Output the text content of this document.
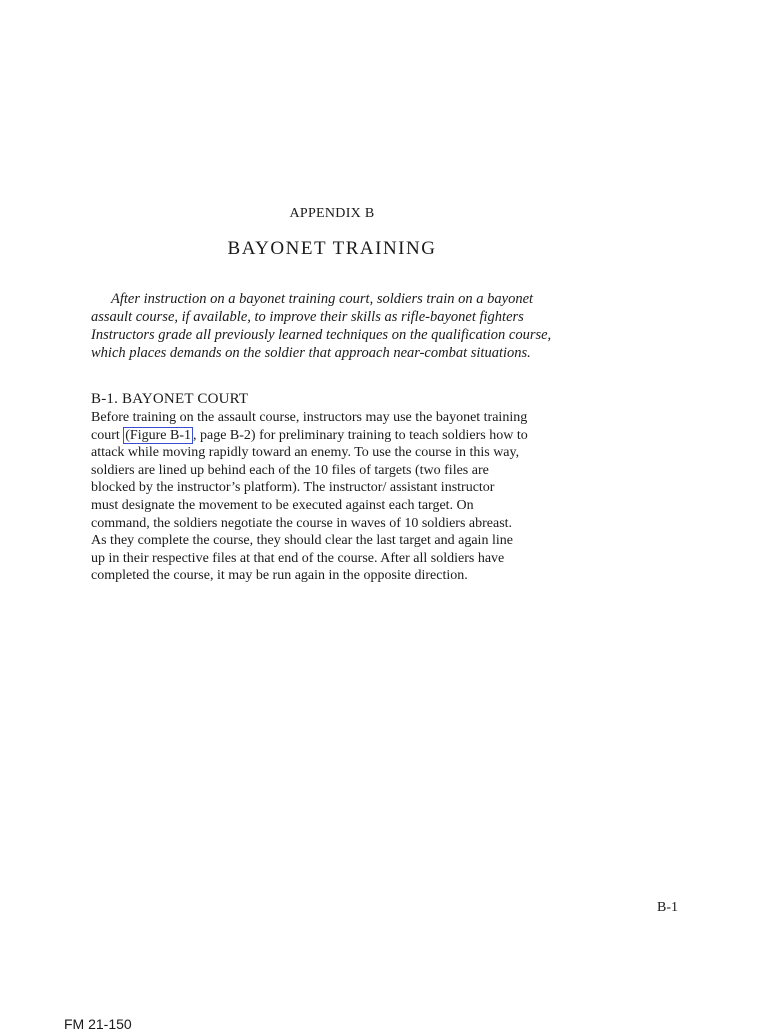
APPENDIX B
BAYONET TRAINING

After instruction on a bayonet training court, soldiers train on a bayonet
assault course, if available, to improve their skills as rifle-bayonet fighters
Instructors grade all previously learned techniques on the qualification course,
which places demands on the soldier that approach near-combat situations.

B-1. BAYONET COURT

Before training on the assault course, instructors may use the bayonet training
court (Figure B-1 , page B-2) for preliminary training to teach soldiers how to
attack while moving rapidly toward an enemy. To use the course in this way,
soldiers are lined up behind each of the 10 files of targets (two files are
blocked by the instructor’s platform). The instructor/ assistant instructor
must designate the movement to be executed against each target. On
command, the soldiers negotiate the course in waves of 10 soldiers abreast.
As they complete the course, they should clear the last target and again line
up in their respective files at that end of the course. After all soldiers have
completed the course, it may be run again in the opposite direction.

B-1
FM 21-150
